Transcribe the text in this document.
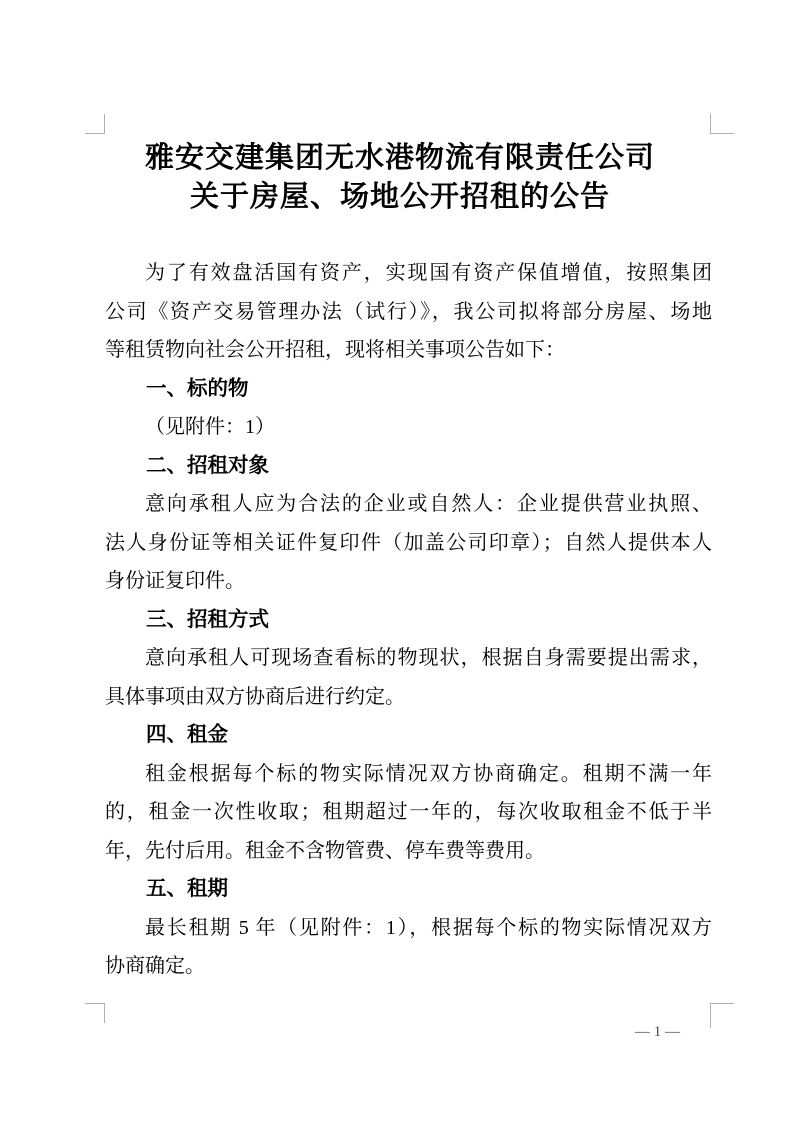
雅安交建集团无水港物流有限责任公司
关于房屋、场地公开招租的公告
为了有效盘活国有资产，实现国有资产保值增值，按照集团
公司《资产交易管理办法（试行）》，我公司拟将部分房屋、场地
等租赁物向社会公开招租，现将相关事项公告如下：
一、标的物
（见附件：1）
二、招租对象
意向承租人应为合法的企业或自然人：企业提供营业执照、
法人身份证等相关证件复印件（加盖公司印章）；自然人提供本人
身份证复印件。
三、招租方式
意向承租人可现场查看标的物现状，根据自身需要提出需求，
具体事项由双方协商后进行约定。
四、租金
租金根据每个标的物实际情况双方协商确定。租期不满一年
的，租金一次性收取；租期超过一年的，每次收取租金不低于半
年，先付后用。租金不含物管费、停车费等费用。
五、租期
最长租期 5 年（见附件：1），根据每个标的物实际情况双方
协商确定。
— 1 —
